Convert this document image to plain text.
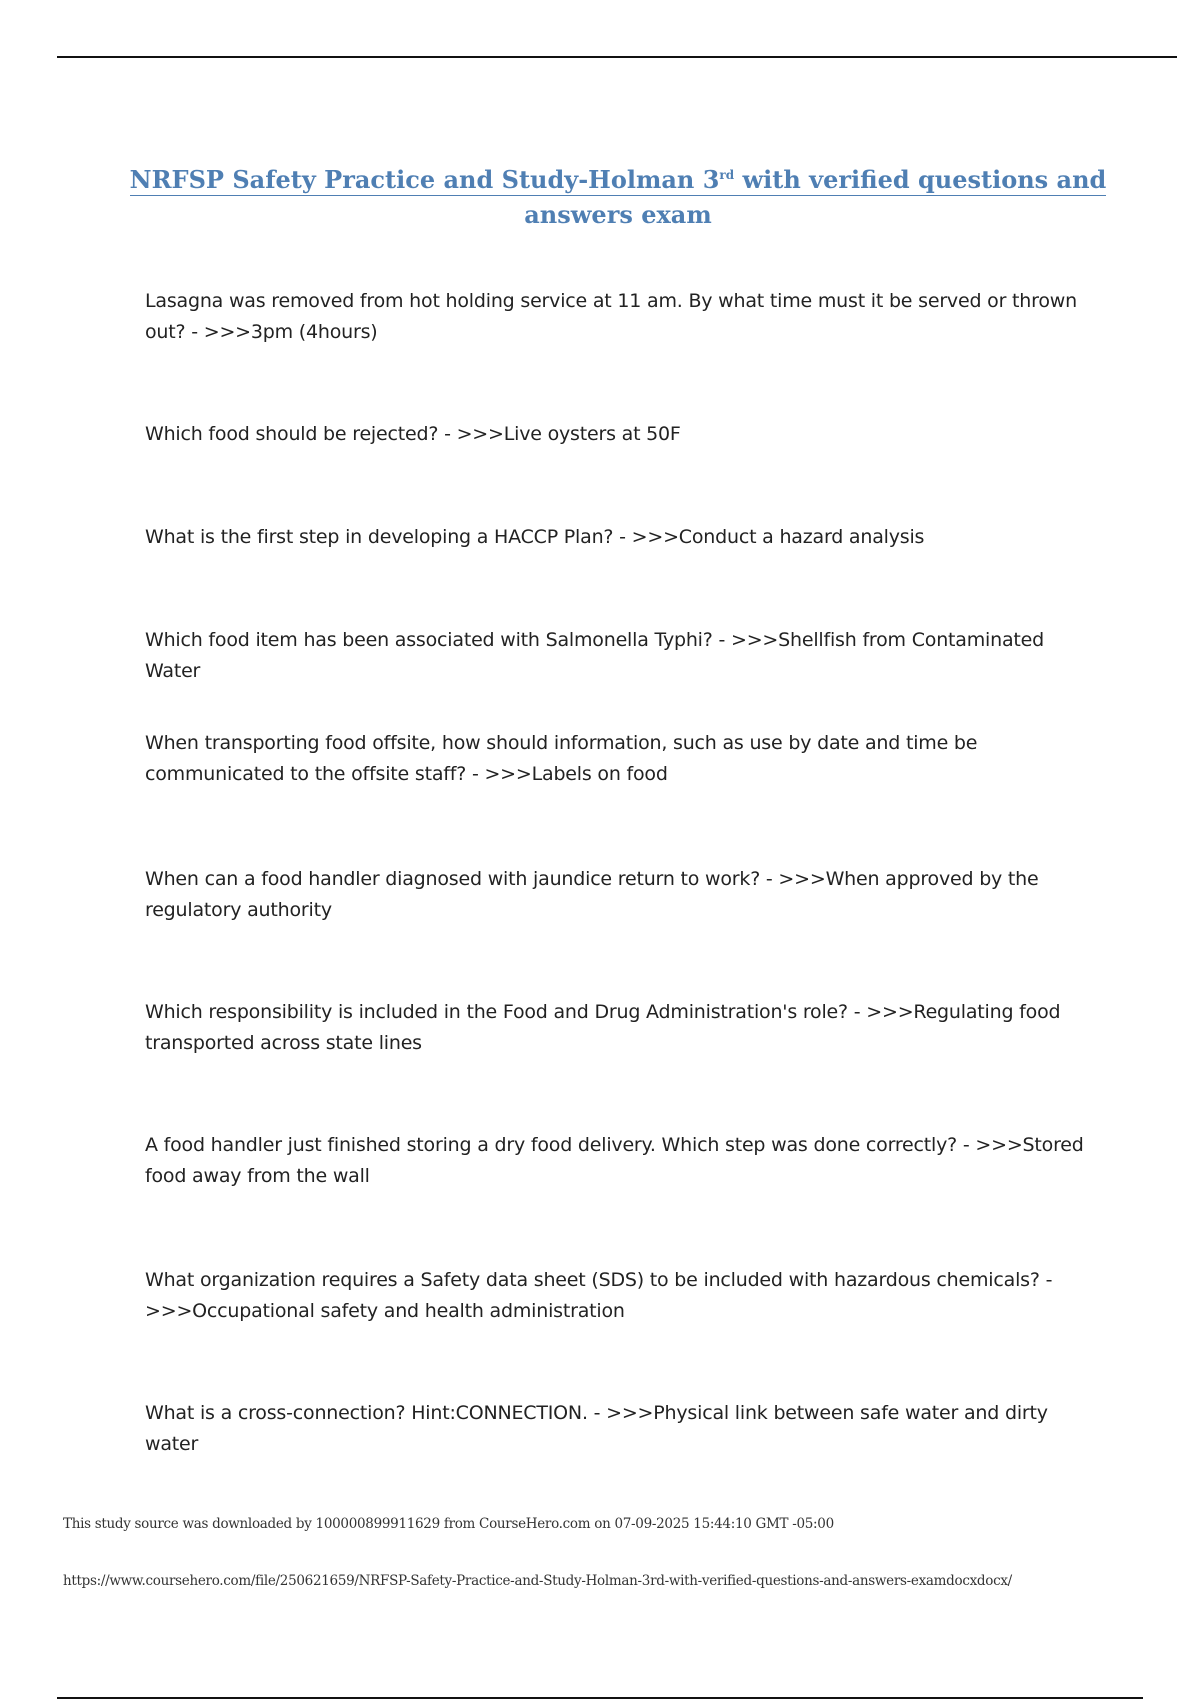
NRFSP Safety Practice and Study-Holman 3rd with verified questions and
answers exam
Lasagna was removed from hot holding service at 11 am. By what time must it be served or thrown out? - >>>3pm (4hours)
Which food should be rejected? - >>>Live oysters at 50F
What is the first step in developing a HACCP Plan? - >>>Conduct a hazard analysis
Which food item has been associated with Salmonella Typhi? - >>>Shellfish from Contaminated Water
When transporting food offsite, how should information, such as use by date and time be communicated to the offsite staff? - >>>Labels on food
When can a food handler diagnosed with jaundice return to work? - >>>When approved by the regulatory authority
Which responsibility is included in the Food and Drug Administration's role? - >>>Regulating food transported across state lines
A food handler just finished storing a dry food delivery. Which step was done correctly? - >>>Stored food away from the wall
What organization requires a Safety data sheet (SDS) to be included with hazardous chemicals? - >>>Occupational safety and health administration
What is a cross-connection? Hint:CONNECTION. - >>>Physical link between safe water and dirty water
This study source was downloaded by 100000899911629 from CourseHero.com on 07-09-2025 15:44:10 GMT -05:00
https://www.coursehero.com/file/250621659/NRFSP-Safety-Practice-and-Study-Holman-3rd-with-verified-questions-and-answers-examdocxdocx/
